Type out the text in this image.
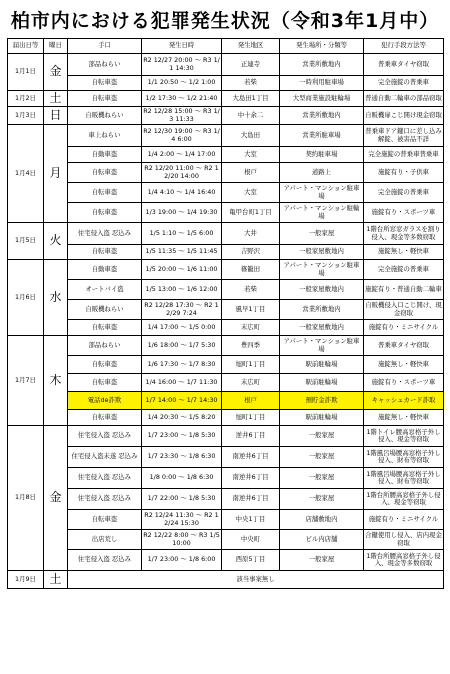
柏市内における犯罪発生状況（令和3年1月中）
届出日等	曜日	手口	発生日時	発生地区	発生場所・分類等	犯行手段方法等
1月1日	金	部品ねらい	R2 12/27 20:00 ～ R3 1/1 14:30	正連寺	営業所敷地内	普乗車タイヤ窃取
		自転車盗	1/1 20:50 ～ 1/2 1:00	若柴	一時利用駐車場	完全施錠の普乗車
1月2日	土	自転車盗	1/2 17:30 ～ 1/2 21:40	大島田1丁目	大型商業施設駐輪場	普通自動二輪車の部品窃取
1月3日	日	自販機ねらい	R2 12/28 15:00 ～ R3 1/3 11:33	中十余二	営業所敷地内	自販機扉こじ開け現金窃取
1月4日	月	車上ねらい	R2 12/30 19:00 ～ R3 1/4 6:00	大島田	営業所駐車場	普乗車ドア鍵口に差し込み解錠、被害品不詳
		自動車盗	1/4 2:00 ～ 1/4 17:00	大室	契約駐車場	完全施錠の普乗車普乗車
		自転車盗	R2 12/20 11:00 ～ R2 12/20 14:00	根戸	道路上	施錠有り・子供車
		自転車盗	1/4 4:10 ～ 1/4 16:40	大室	アパート・マンション駐車場	完全施錠の普乗車
		自転車盗	1/3 19:00 ～ 1/4 19:30	亀甲台町1丁目	アパート・マンション駐輪場	施錠有り・スポーツ車
1月5日	火	住宅侵入盗 忍込み	1/5 1:10 ～ 1/5 6:00	大井	一般家屋	1階台所窓窓ガラスを割り侵入、現金等多数窃取
		自転車盗	1/5 11:35 ～ 1/5 11:45	吉野沢	一般家屋敷地内	施錠無し・軽快車
1月6日	水	自動車盗	1/5 20:00 ～ 1/6 11:00	篠籠田	アパート・マンション駐車場	完全施錠の普乗車
		オートバイ盗	1/5 13:00 ～ 1/6 12:00	若柴	一般家屋敷地内	施錠有り・普通自動二輪車
		自販機ねらい	R2 12/28 17:30 ～ R2 12/29 7:24	風早1丁目	営業所敷地内	自販機侵入口こじ開け、現金窃取
		自転車盗	1/4 17:00 ～ 1/5 0:00	末広町	一般家屋敷地内	施錠有り・ミニサイクル
1月7日	木	部品ねらい	1/6 18:00 ～ 1/7 5:30	豊四季	アパート・マンション駐車場	普乗車タイヤ窃取
		自転車盗	1/6 17:30 ～ 1/7 8:30	旭町1丁目	駅前駐輪場	施錠無し・軽快車
		自転車盗	1/4 16:00 ～ 1/7 11:30	末広町	駅前駐輪場	施錠有り・スポーツ車
		電話de詐欺	1/7 14:00 ～ 1/7 14:30	根戸	預貯金詐欺	キャッシュカード詐取
		自転車盗	1/4 20:30 ～ 1/5 8:20	旭町1丁目	駅前駐輪場	施錠無し・軽快車
1月8日	金	住宅侵入盗 忍込み	1/7 23:00 ～ 1/8 5:30	逆井6丁目	一般家屋	1階トイレ腰高窓格子外し侵入、現金等窃取
		住宅侵入盗未遂 忍込み	1/7 23:30 ～ 1/8 6:30	南逆井6丁目	一般家屋	1階風呂場腰高窓格子外し侵入、財布等窃取
		住宅侵入盗 忍込み	1/8 0:00 ～ 1/8 6:30	南逆井6丁目	一般家屋	1階風呂場腰高窓格子外し侵入、財布等窃取
		住宅侵入盗 忍込み	1/7 22:00 ～ 1/8 5:30	南逆井6丁目	一般家屋	1階台所腰高窓格子外し侵入、現金等窃取
		自転車盗	R2 12/24 11:30 ～ R2 12/24 15:30	中央1丁目	店舗敷地内	施錠有り・ミニサイクル
		出店荒し	R2 12/22 8:00 ～ R3 1/5 10:00	中央町	ビル内店舗	合鍵使用し侵入、店内現金窃取
		住宅侵入盗 忍込み	1/7 23:00 ～ 1/8 6:00	西原5丁目	一般家屋	1階台所腰高窓格子外し侵入、現金等多数窃取
1月9日	土	該当事案無し				
